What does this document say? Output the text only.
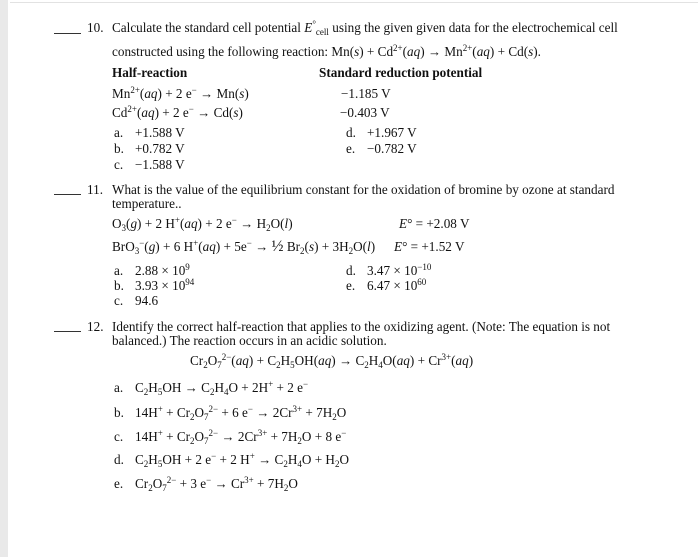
10. Calculate the standard cell potential $E^\circ_{cell}$ using the given given data for the electrochemical cell
constructed using the following reaction: $Mn(s) + Cd^{2+}(aq) \to Mn^{2+}(aq) + Cd(s)$.
Half-reaction	Standard reduction potential
$Mn^{2+}(aq) + 2$ e− → Mn(s)	−1.185 V
$Cd^{2+}(aq) + 2$ e− → Cd(s)	−0.403 V
a. +1.588 V
b. +0.782 V
c. −1.588 V
d. +1.967 V
e. −0.782 V
11. What is the value of the equilibrium constant for the oxidation of bromine by ozone at standard
temperature..
$O_3(g) + 2$ H+(aq) + 2 $e^- \to H_2O(l)$	E° = +2.08 V
BrO$_3$−(g) + 6 H+(aq) + 5e− → ½ $Br_2(s) + 3H_2O(l) E^\circ = +1.52$ V
a. $2.88 \times 10^9$
b. $3.93 \times 10^{94}$
c. 94.6
d. $3.47 \times 10^{-10}$
e. $6.47 \times 10^{60}$
12. Identify the correct half-reaction that applies to the oxidizing agent. (Note: The equation is not
balanced.) The reaction occurs in an acidic solution.
$Cr_2O_7^{2-}(aq) + C_2H_5OH(aq) \to C_2H_4O(aq) + Cr^{3+}(aq)$
a. $C_2H_5OH \to C_2H_4O + 2H^+ + 2$ e−
b. $14H^+ + Cr_2O_7^{2-} + 6$ $e^- \to 2Cr^{3+} + 7H_2O$
c. $14H^+ + Cr_2O_7^{2-} \to 2Cr^{3+} + 7H_2O + 8$ e−
d. $C_2H_5OH + 2$ e− + 2 $H^+ \to C_2H_4O + H_2O$
e. $Cr_2O_7^{2-} + 3$ $e^- \to Cr^{3+} + 7H_2O$
